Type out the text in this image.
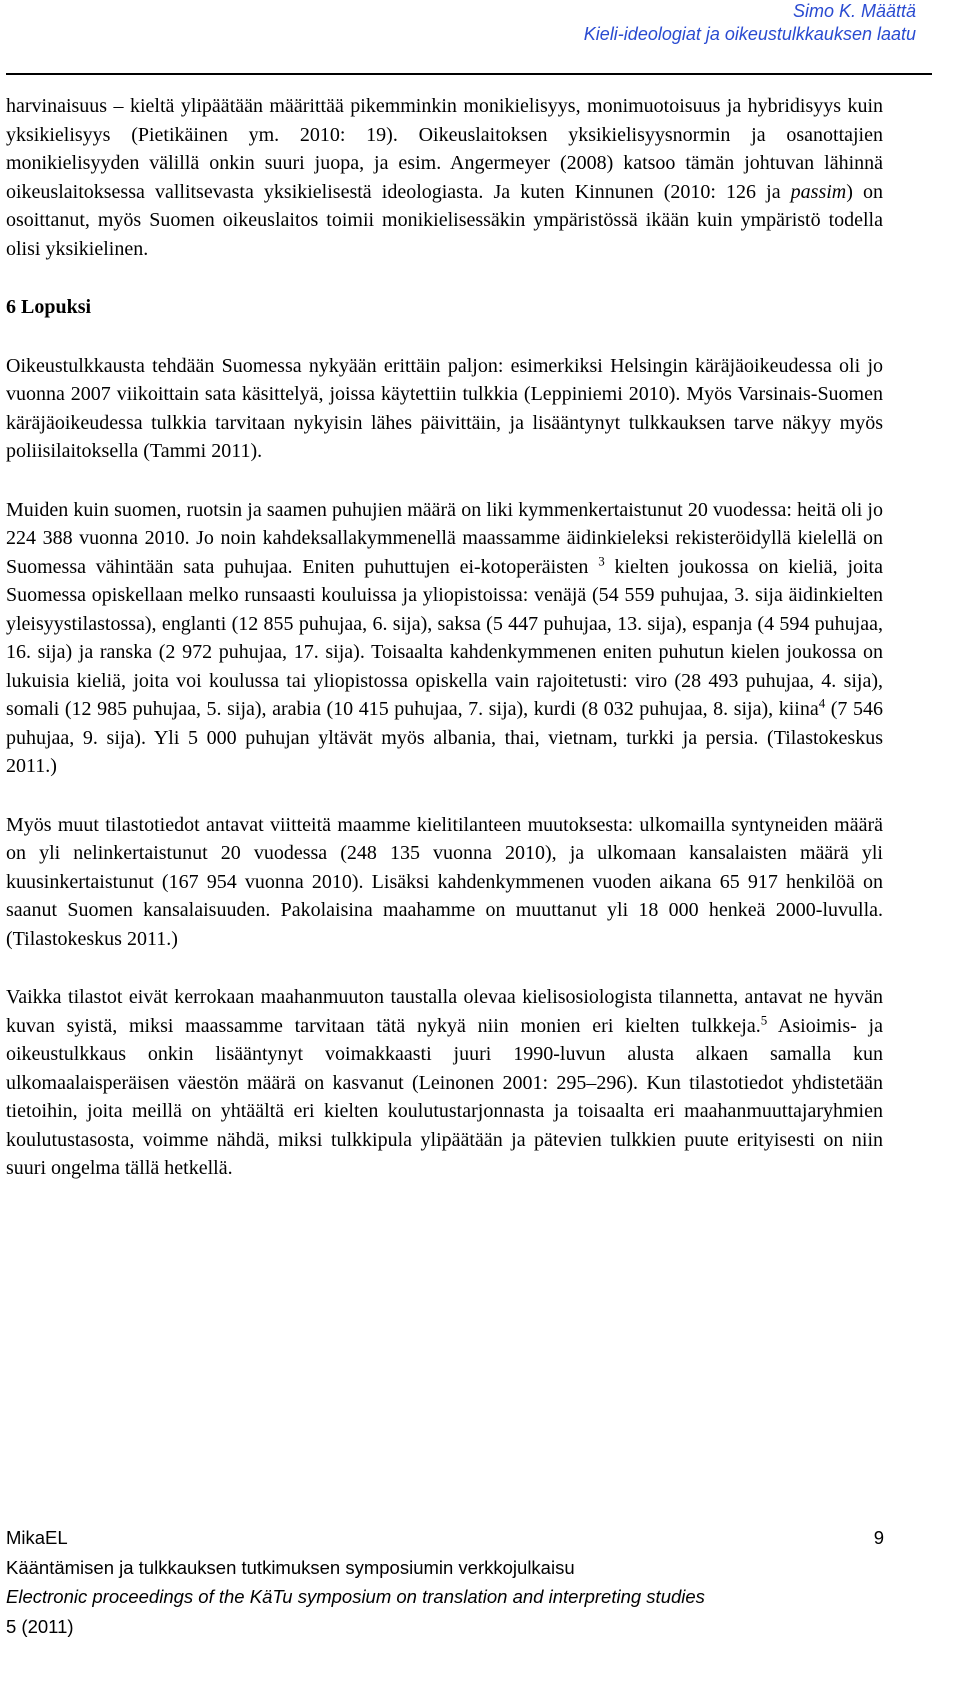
Simo K. Määttä
Kieli-ideologiat ja oikeustulkkauksen laatu

harvinaisuus – kieltä ylipäätään määrittää pikemminkin monikielisyys, monimuotoisuus ja hybridisyys kuin yksikielisyys (Pietikäinen ym. 2010: 19). Oikeuslaitoksen yksikielisyysnormin ja osanottajien monikielisyyden välillä onkin suuri juopa, ja esim. Angermeyer (2008) katsoo tämän johtuvan lähinnä oikeuslaitoksessa vallitsevasta yksikielisestä ideologiasta. Ja kuten Kinnunen (2010: 126 ja passim) on osoittanut, myös Suomen oikeuslaitos toimii monikielisessäkin ympäristössä ikään kuin ympäristö todella olisi yksikielinen.

6 Lopuksi

Oikeustulkkausta tehdään Suomessa nykyään erittäin paljon: esimerkiksi Helsingin käräjäoikeudessa oli jo vuonna 2007 viikoittain sata käsittelyä, joissa käytettiin tulkkia (Leppiniemi 2010). Myös Varsinais-Suomen käräjäoikeudessa tulkkia tarvitaan nykyisin lähes päivittäin, ja lisääntynyt tulkkauksen tarve näkyy myös poliisilaitoksella (Tammi 2011).

Muiden kuin suomen, ruotsin ja saamen puhujien määrä on liki kymmenkertaistunut 20 vuodessa: heitä oli jo 224 388 vuonna 2010. Jo noin kahdeksallakymmenellä maassamme äidinkieleksi rekisteröidyllä kielellä on Suomessa vähintään sata puhujaa. Eniten puhuttujen ei-kotoperäisten $^3$ kielten joukossa on kieliä, joita Suomessa opiskellaan melko runsaasti kouluissa ja yliopistoissa: venäjä (54 559 puhujaa, 3. sija äidinkielten yleisyystilastossa), englanti (12 855 puhujaa, 6. sija), saksa (5 447 puhujaa, 13. sija), espanja (4 594 puhujaa, 16. sija) ja ranska (2 972 puhujaa, 17. sija). Toisaalta kahdenkymmenen eniten puhutun kielen joukossa on lukuisia kieliä, joita voi koulussa tai yliopistossa opiskella vain rajoitetusti: viro (28 493 puhujaa, 4. sija), somali (12 985 puhujaa, 5. sija), arabia (10 415 puhujaa, 7. sija), kurdi (8 032 puhujaa, 8. sija), kiina$^4$ (7 546 puhujaa, 9. sija). Yli 5 000 puhujan yltävät myös albania, thai, vietnam, turkki ja persia. (Tilastokeskus 2011.)

Myös muut tilastotiedot antavat viitteitä maamme kielitilanteen muutoksesta: ulkomailla syntyneiden määrä on yli nelinkertaistunut 20 vuodessa (248 135 vuonna 2010), ja ulkomaan kansalaisten määrä yli kuusinkertaistunut (167 954 vuonna 2010). Lisäksi kahdenkymmenen vuoden aikana 65 917 henkilöä on saanut Suomen kansalaisuuden. Pakolaisina maahamme on muuttanut yli 18 000 henkeä 2000-luvulla. (Tilastokeskus 2011.)

Vaikka tilastot eivät kerrokaan maahanmuuton taustalla olevaa kielisosiologista tilannetta, antavat ne hyvän kuvan syistä, miksi maassamme tarvitaan tätä nykyä niin monien eri kielten tulkkeja.$^5$ Asioimis- ja oikeustulkkaus onkin lisääntynyt voimakkaasti juuri 1990-luvun alusta alkaen samalla kun ulkomaalaisperäisen väestön määrä on kasvanut (Leinonen 2001: 295–296). Kun tilastotiedot yhdistetään tietoihin, joita meillä on yhtäältä eri kielten koulutustarjonnasta ja toisaalta eri maahanmuuttajaryhmien koulutustasosta, voimme nähdä, miksi tulkkipula ylipäätään ja pätevien tulkkien puute erityisesti on niin suuri ongelma tällä hetkellä.

MikaEL	9
Kääntämisen ja tulkkauksen tutkimuksen symposiumin verkkojulkaisu
Electronic proceedings of the KäTu symposium on translation and interpreting studies
5 (2011)
